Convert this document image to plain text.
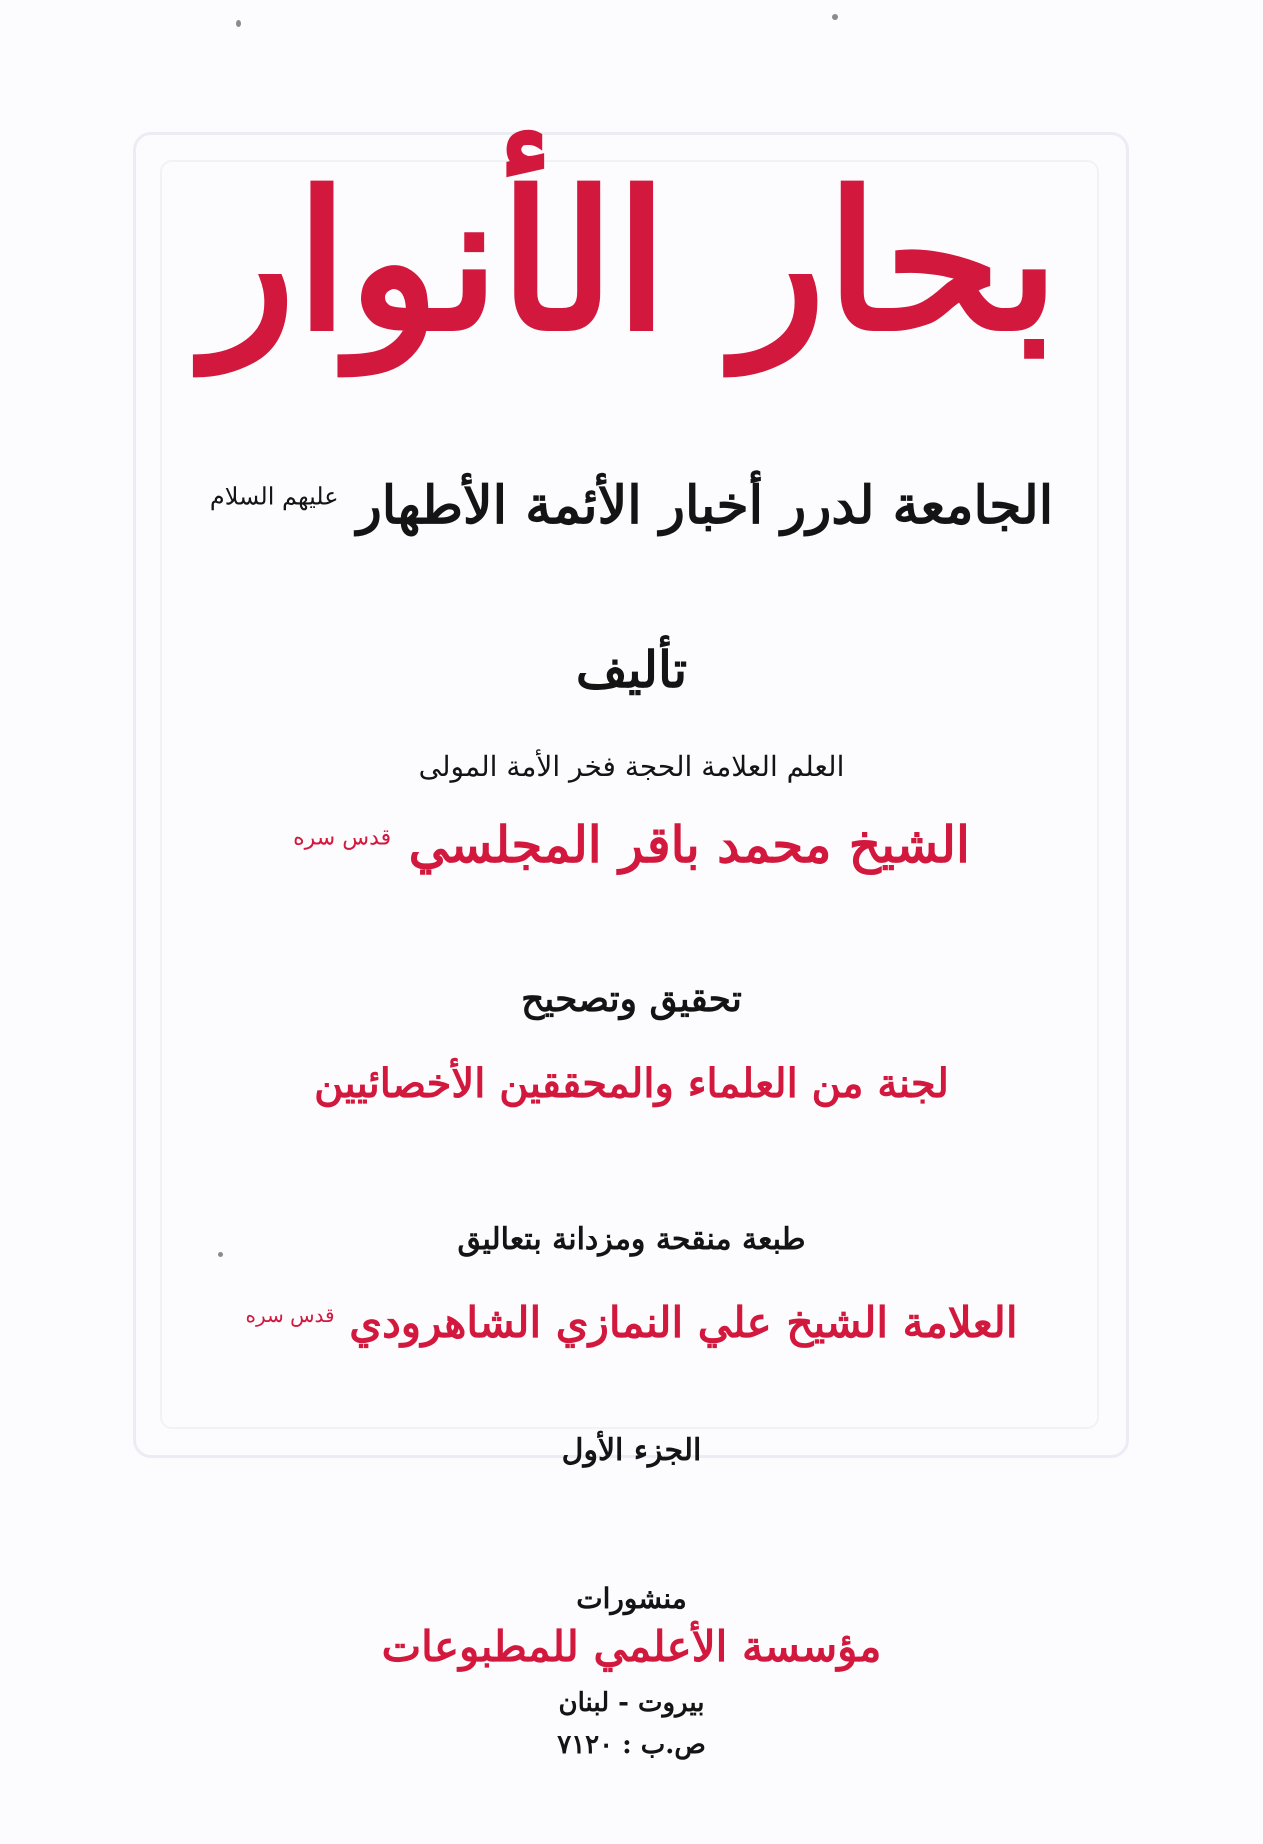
بحار الأنوار
الجامعة لدرر أخبار الأئمة الأطهار $^{عليهم السلام}$
تأليف
العلم العلامة الحجة فخر الأمة المولى
الشيخ محمد باقر المجلسي $^{قدس سره}$
تحقيق وتصحيح
لجنة من العلماء والمحققين الأخصائيين
طبعة منقحة ومزدانة بتعاليق
العلامة الشيخ علي النمازي الشاهرودي $^{قدس سره}$
الجزء الأول
منشورات
مؤسسة الأعلمي للمطبوعات
بيروت - لبنان
ص.ب : ٧١٢٠
